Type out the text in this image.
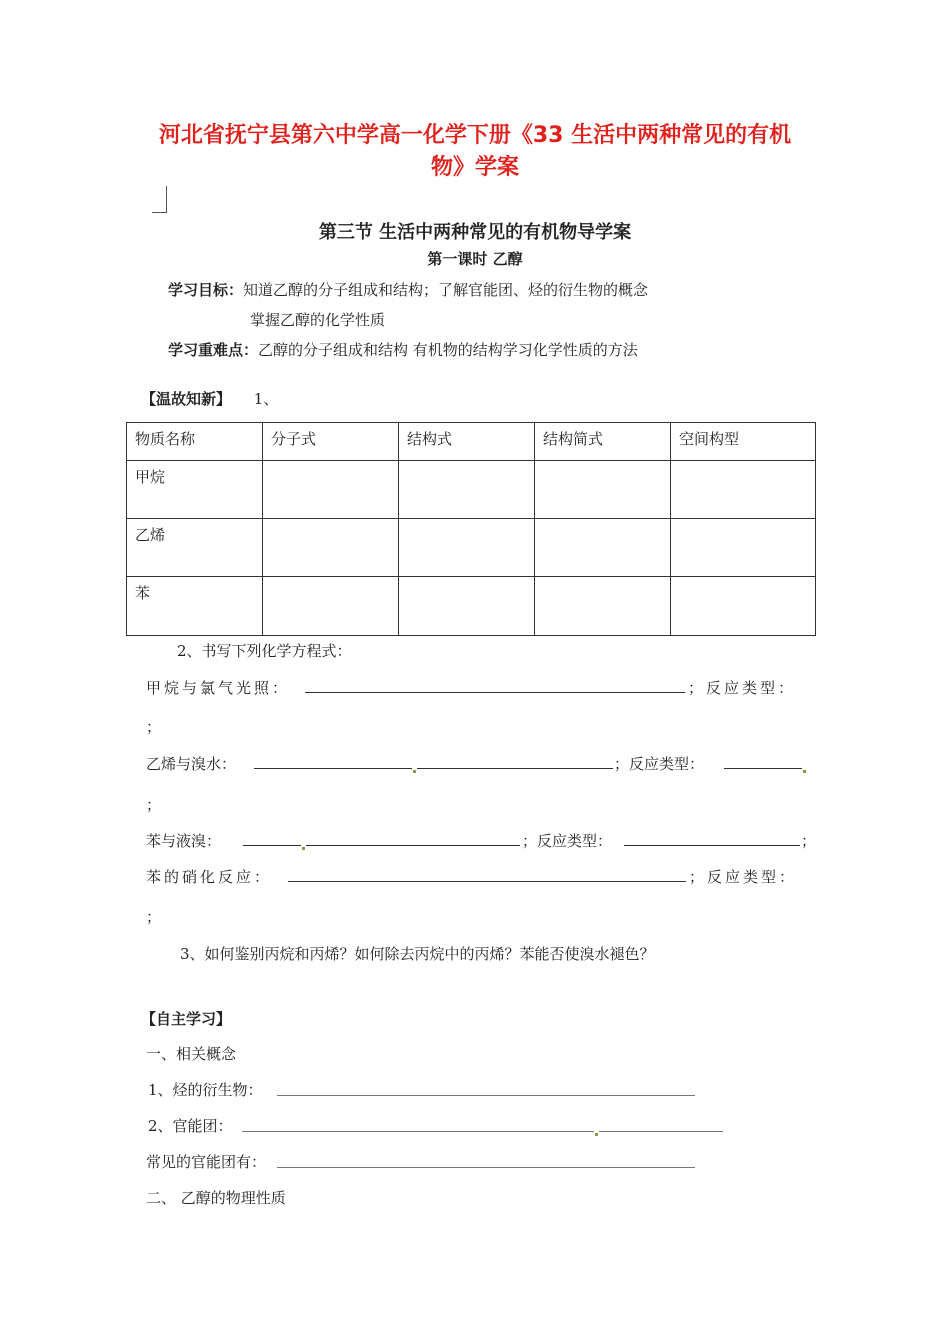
河北省抚宁县第六中学高一化学下册《33 生活中两种常见的有机
物》学案
第三节 生活中两种常见的有机物导学案
第一课时 乙醇
学习目标：知道乙醇的分子组成和结构；了解官能团、烃的衍生物的概念
掌握乙醇的化学性质
学习重难点：乙醇的分子组成和结构 有机物的结构学习化学性质的方法
【温故知新】 1、
物质名称	分子式	结构式	结构简式	空间构型
甲烷				
乙烯				
苯				
2、书写下列化学方程式：
甲烷与氯气光照：	；反应类型：
；
乙烯与溴水：	；反应类型：
；
苯与液溴：	；反应类型：	；
苯的硝化反应：	；反应类型：
；
3、如何鉴别丙烷和丙烯？如何除去丙烷中的丙烯？苯能否使溴水褪色？
【自主学习】
一、相关概念
1、烃的衍生物：
2、官能团：
常见的官能团有：
二、 乙醇的物理性质
